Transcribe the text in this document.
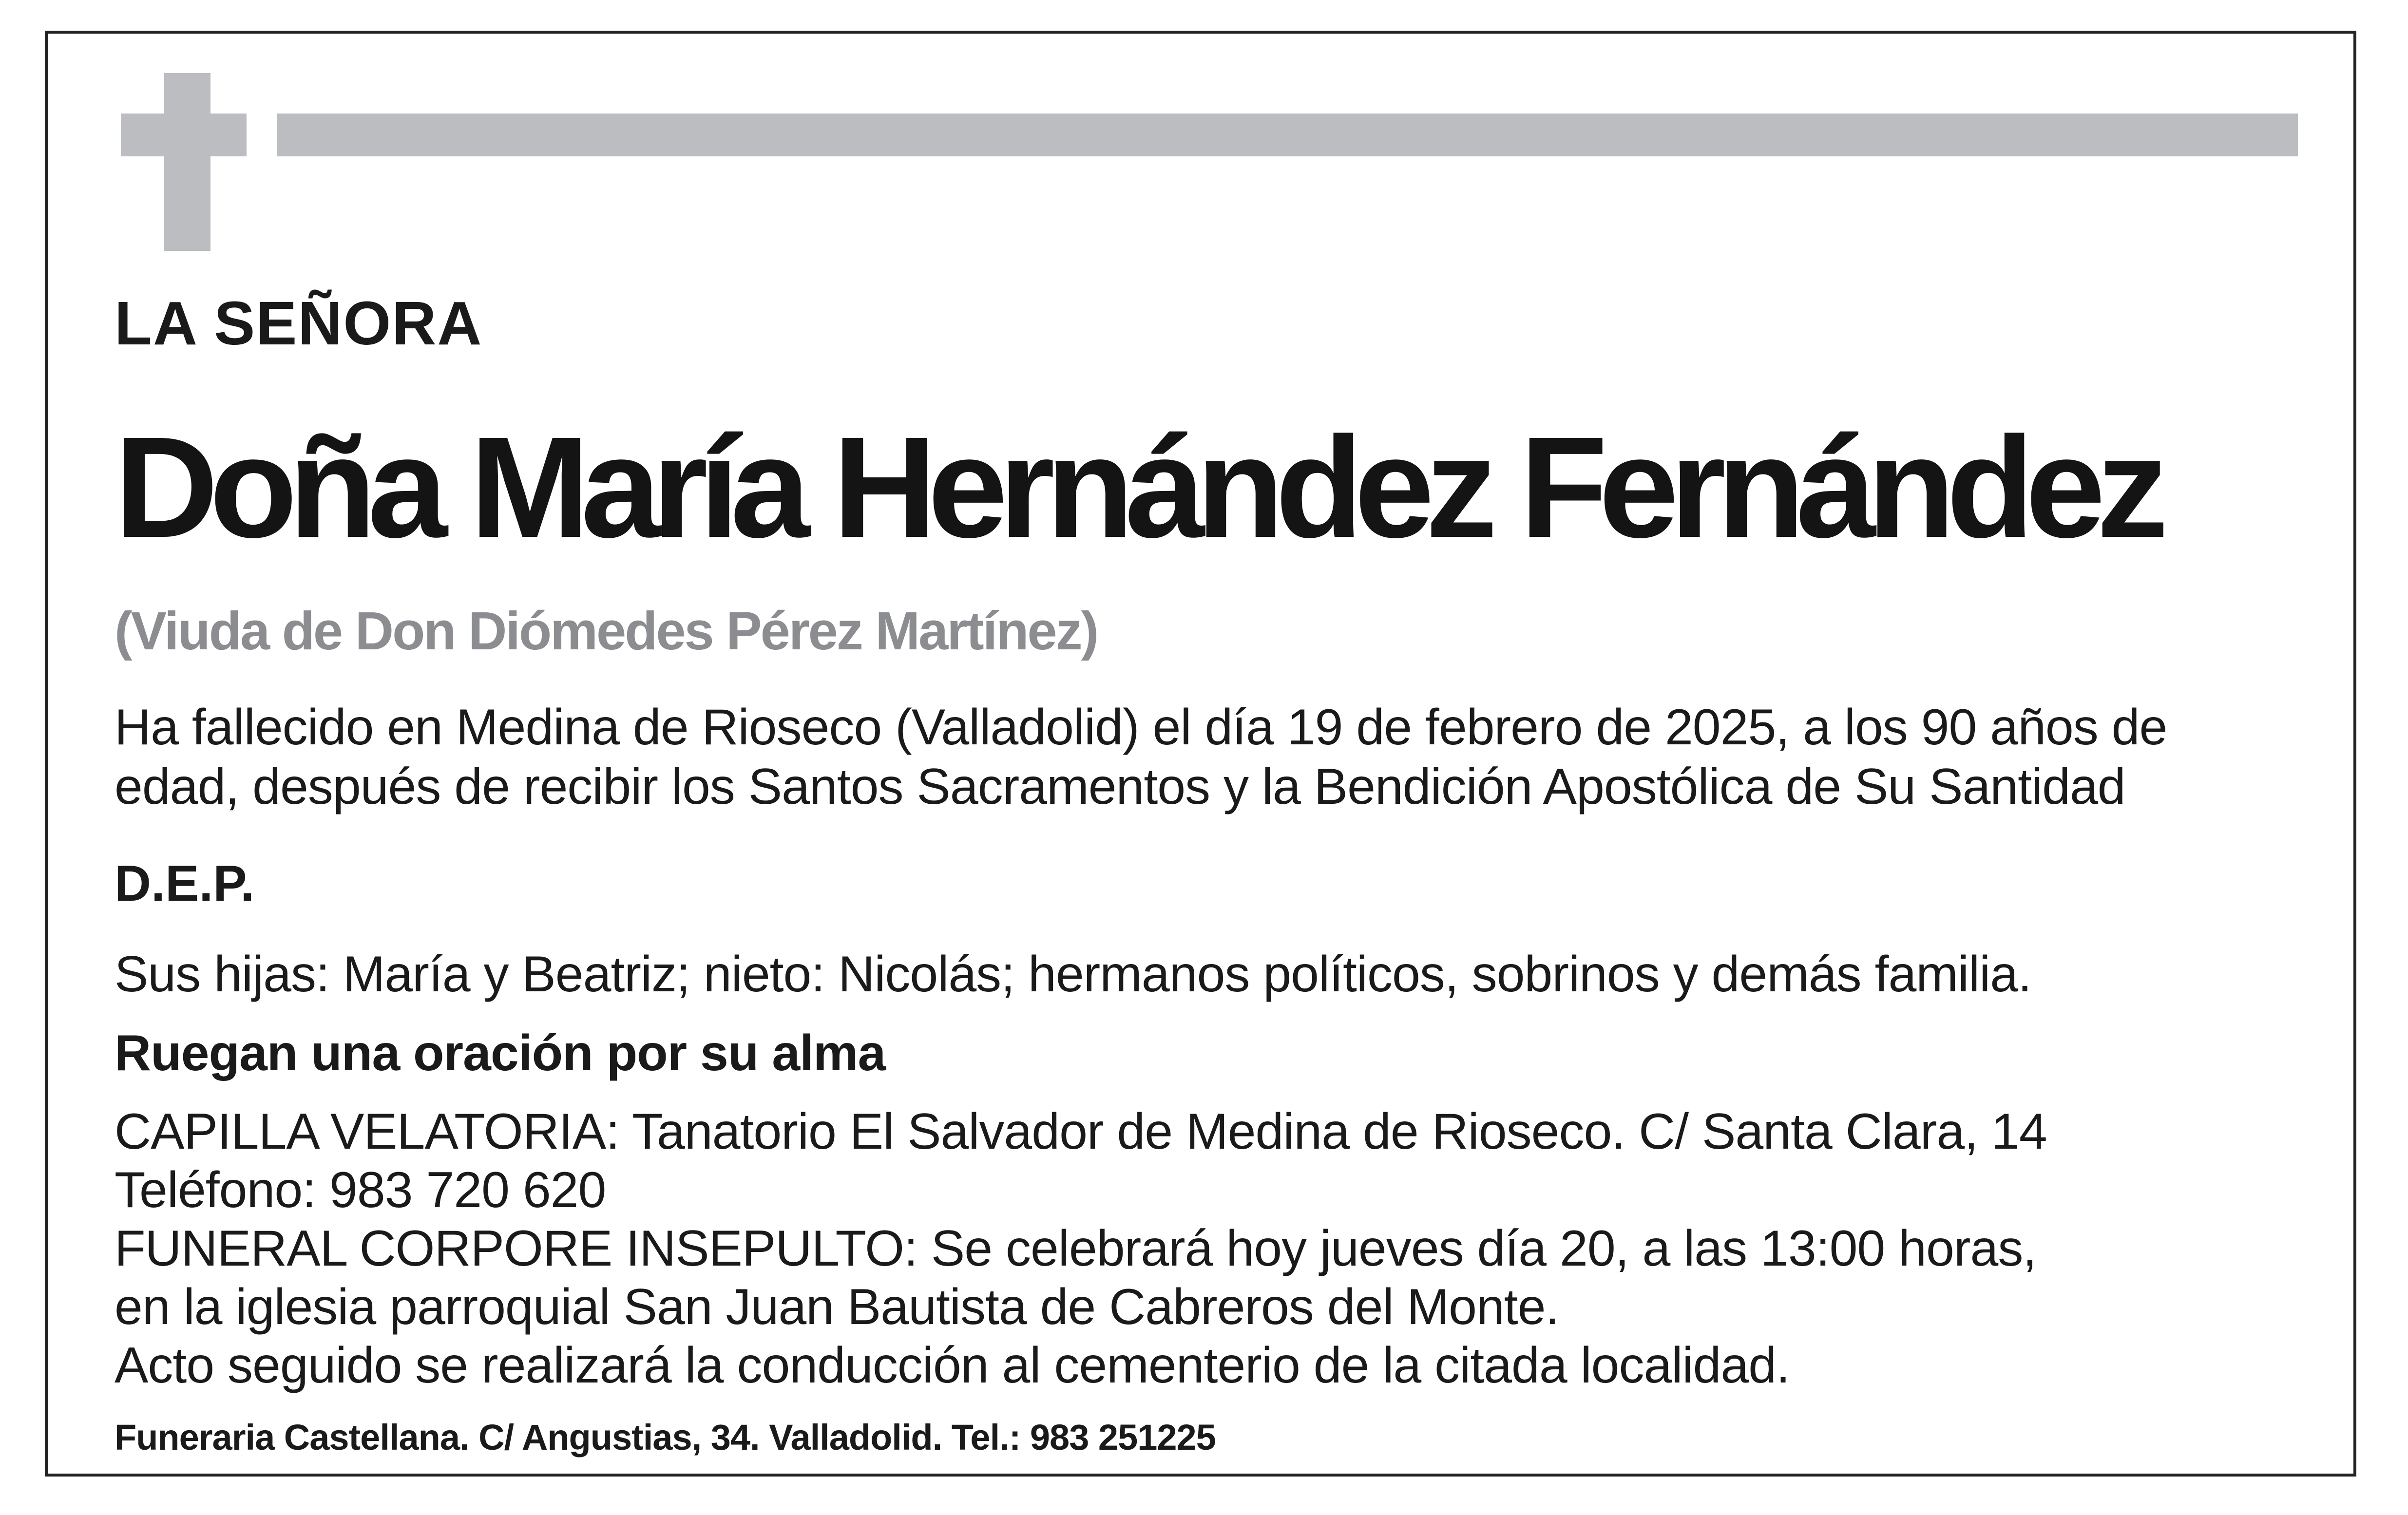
LA SEÑORA

Doña María Hernández Fernández

(Viuda de Don Diómedes Pérez Martínez)

Ha fallecido en Medina de Rioseco (Valladolid) el día 19 de febrero de 2025, a los 90 años de
edad, después de recibir los Santos Sacramentos y la Bendición Apostólica de Su Santidad

D.E.P.

Sus hijas: María y Beatriz; nieto: Nicolás; hermanos políticos, sobrinos y demás familia.

Ruegan una oración por su alma

CAPILLA VELATORIA: Tanatorio El Salvador de Medina de Rioseco. C/ Santa Clara, 14
Teléfono: 983 720 620
FUNERAL CORPORE INSEPULTO: Se celebrará hoy jueves día 20, a las 13:00 horas,
en la iglesia parroquial San Juan Bautista de Cabreros del Monte.
Acto seguido se realizará la conducción al cementerio de la citada localidad.

Funeraria Castellana. C/ Angustias, 34. Valladolid. Tel.: 983 251225
